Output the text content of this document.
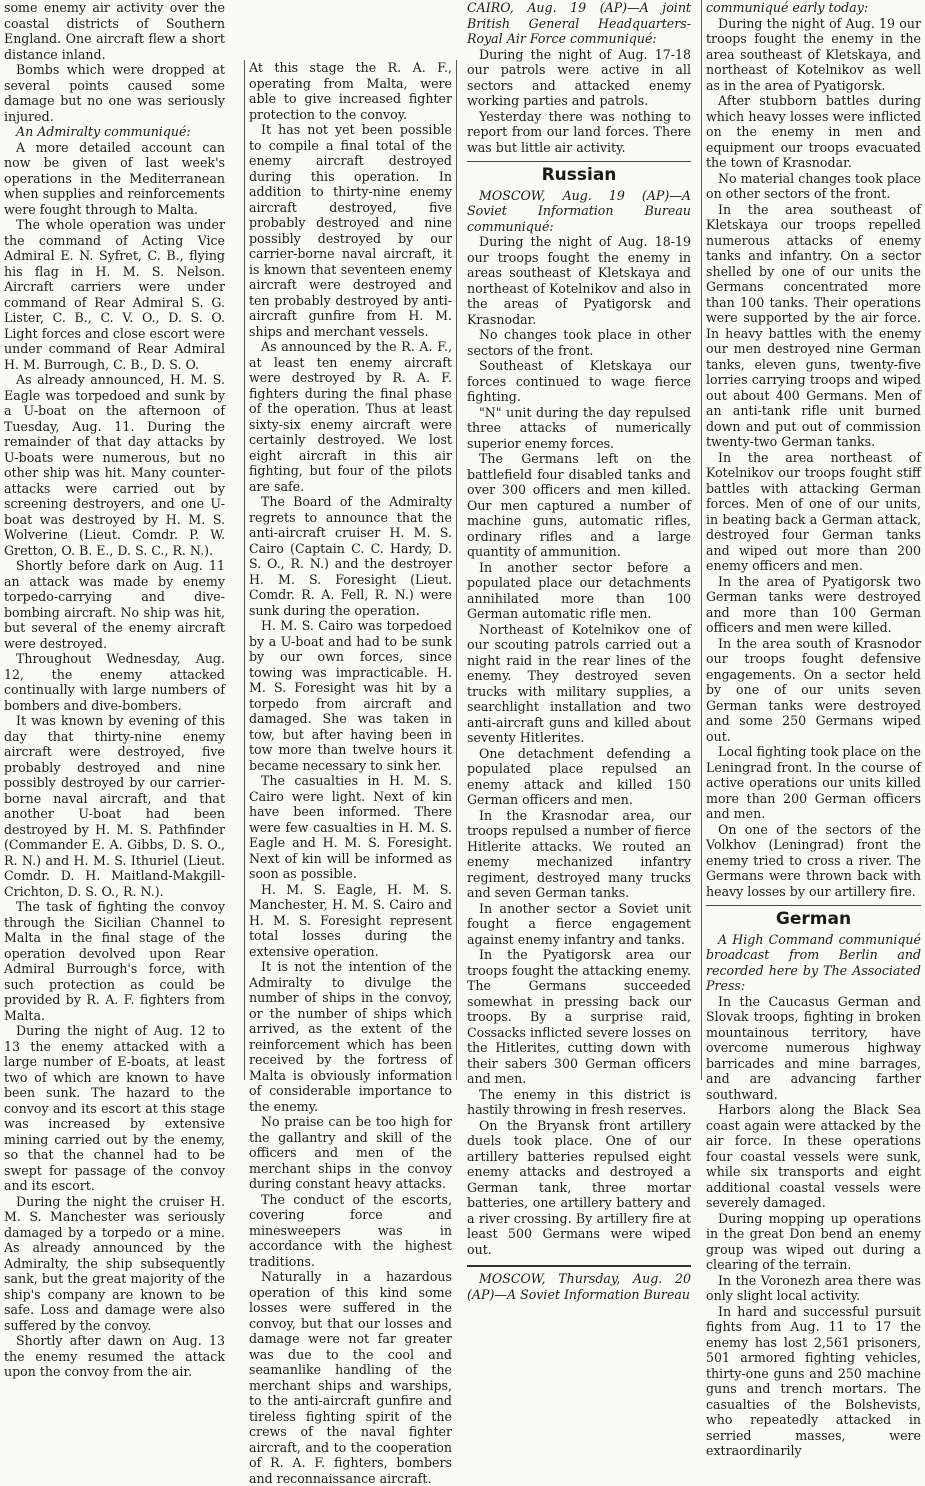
some enemy air activity over the coastal districts of Southern England. One aircraft flew a short distance inland.

Bombs which were dropped at several points caused some damage but no one was seriously injured.

An Admiralty communiqué:

A more detailed account can now be given of last week's operations in the Mediterranean when supplies and reinforcements were fought through to Malta.

The whole operation was under the command of Acting Vice Admiral E. N. Syfret, C. B., flying his flag in H. M. S. Nelson. Aircraft carriers were under command of Rear Admiral S. G. Lister, C. B., C. V. O., D. S. O. Light forces and close escort were under command of Rear Admiral H. M. Burrough, C. B., D. S. O.

As already announced, H. M. S. Eagle was torpedoed and sunk by a U-boat on the afternoon of Tuesday, Aug. 11. During the remainder of that day attacks by U-boats were numerous, but no other ship was hit. Many counter-attacks were carried out by screening destroyers, and one U-boat was destroyed by H. M. S. Wolverine (Lieut. Comdr. P. W. Gretton, O. B. E., D. S. C., R. N.).

Shortly before dark on Aug. 11 an attack was made by enemy torpedo-carrying and dive-bombing aircraft. No ship was hit, but several of the enemy aircraft were destroyed.

Throughout Wednesday, Aug. 12, the enemy attacked continually with large numbers of bombers and dive-bombers.

It was known by evening of this day that thirty-nine enemy aircraft were destroyed, five probably destroyed and nine possibly destroyed by our carrier-borne naval aircraft, and that another U-boat had been destroyed by H. M. S. Pathfinder (Commander E. A. Gibbs, D. S. O., R. N.) and H. M. S. Ithuriel (Lieut. Comdr. D. H. Maitland-Makgill-Crichton, D. S. O., R. N.).

The task of fighting the convoy through the Sicilian Channel to Malta in the final stage of the operation devolved upon Rear Admiral Burrough's force, with such protection as could be provided by R. A. F. fighters from Malta.

During the night of Aug. 12 to 13 the enemy attacked with a large number of E-boats, at least two of which are known to have been sunk. The hazard to the convoy and its escort at this stage was increased by extensive mining carried out by the enemy, so that the channel had to be swept for passage of the convoy and its escort.

During the night the cruiser H. M. S. Manchester was seriously damaged by a torpedo or a mine. As already announced by the Admiralty, the ship subsequently sank, but the great majority of the ship's company are known to be safe. Loss and damage were also suffered by the convoy.

Shortly after dawn on Aug. 13 the enemy resumed the attack upon the convoy from the air.

At this stage the R. A. F., operating from Malta, were able to give increased fighter protection to the convoy.

It has not yet been possible to compile a final total of the enemy aircraft destroyed during this operation. In addition to thirty-nine enemy aircraft destroyed, five probably destroyed and nine possibly destroyed by our carrier-borne naval aircraft, it is known that seventeen enemy aircraft were destroyed and ten probably destroyed by anti-aircraft gunfire from H. M. ships and merchant vessels.

As announced by the R. A. F., at least ten enemy aircraft were destroyed by R. A. F. fighters during the final phase of the operation. Thus at least sixty-six enemy aircraft were certainly destroyed. We lost eight aircraft in this air fighting, but four of the pilots are safe.

The Board of the Admiralty regrets to announce that the anti-aircraft cruiser H. M. S. Cairo (Captain C. C. Hardy, D. S. O., R. N.) and the destroyer H. M. S. Foresight (Lieut. Comdr. R. A. Fell, R. N.) were sunk during the operation.

H. M. S. Cairo was torpedoed by a U-boat and had to be sunk by our own forces, since towing was impracticable. H. M. S. Foresight was hit by a torpedo from aircraft and damaged. She was taken in tow, but after having been in tow more than twelve hours it became necessary to sink her.

The casualties in H. M. S. Cairo were light. Next of kin have been informed. There were few casualties in H. M. S. Eagle and H. M. S. Foresight. Next of kin will be informed as soon as possible.

H. M. S. Eagle, H. M. S. Manchester, H. M. S. Cairo and H. M. S. Foresight represent total losses during the extensive operation.

It is not the intention of the Admiralty to divulge the number of ships in the convoy, or the number of ships which arrived, as the extent of the reinforcement which has been received by the fortress of Malta is obviously information of considerable importance to the enemy.

No praise can be too high for the gallantry and skill of the officers and men of the merchant ships in the convoy during constant heavy attacks.

The conduct of the escorts, covering force and minesweepers was in accordance with the highest traditions.

Naturally in a hazardous operation of this kind some losses were suffered in the convoy, but that our losses and damage were not far greater was due to the cool and seamanlike handling of the merchant ships and warships, to the anti-aircraft gunfire and tireless fighting spirit of the crews of the naval fighter aircraft, and to the cooperation of R. A. F. fighters, bombers and reconnaissance aircraft.

CAIRO, Aug. 19 (AP)—A joint British General Headquarters-Royal Air Force communiqué:

During the night of Aug. 17-18 our patrols were active in all sectors and attacked enemy working parties and patrols.

Yesterday there was nothing to report from our land forces. There was but little air activity.

Russian

MOSCOW, Aug. 19 (AP)—A Soviet Information Bureau communiqué:

During the night of Aug. 18-19 our troops fought the enemy in areas southeast of Kletskaya and northeast of Kotelnikov and also in the areas of Pyatigorsk and Krasnodar.

No changes took place in other sectors of the front.

Southeast of Kletskaya our forces continued to wage fierce fighting.

"N" unit during the day repulsed three attacks of numerically superior enemy forces.

The Germans left on the battlefield four disabled tanks and over 300 officers and men killed. Our men captured a number of machine guns, automatic rifles, ordinary rifles and a large quantity of ammunition.

In another sector before a populated place our detachments annihilated more than 100 German automatic rifle men.

Northeast of Kotelnikov one of our scouting patrols carried out a night raid in the rear lines of the enemy. They destroyed seven trucks with military supplies, a searchlight installation and two anti-aircraft guns and killed about seventy Hitlerites.

One detachment defending a populated place repulsed an enemy attack and killed 150 German officers and men.

In the Krasnodar area, our troops repulsed a number of fierce Hitlerite attacks. We routed an enemy mechanized infantry regiment, destroyed many trucks and seven German tanks.

In another sector a Soviet unit fought a fierce engagement against enemy infantry and tanks.

In the Pyatigorsk area our troops fought the attacking enemy. The Germans succeeded somewhat in pressing back our troops. By a surprise raid, Cossacks inflicted severe losses on the Hitlerites, cutting down with their sabers 300 German officers and men.

The enemy in this district is hastily throwing in fresh reserves.

On the Bryansk front artillery duels took place. One of our artillery batteries repulsed eight enemy attacks and destroyed a German tank, three mortar batteries, one artillery battery and a river crossing. By artillery fire at least 500 Germans were wiped out.

MOSCOW, Thursday, Aug. 20 (AP)—A Soviet Information Bureau

communiqué early today:

During the night of Aug. 19 our troops fought the enemy in the area southeast of Kletskaya, and northeast of Kotelnikov as well as in the area of Pyatigorsk.

After stubborn battles during which heavy losses were inflicted on the enemy in men and equipment our troops evacuated the town of Krasnodar.

No material changes took place on other sectors of the front.

In the area southeast of Kletskaya our troops repelled numerous attacks of enemy tanks and infantry. On a sector shelled by one of our units the Germans concentrated more than 100 tanks. Their operations were supported by the air force. In heavy battles with the enemy our men destroyed nine German tanks, eleven guns, twenty-five lorries carrying troops and wiped out about 400 Germans. Men of an anti-tank rifle unit burned down and put out of commission twenty-two German tanks.

In the area northeast of Kotelnikov our troops fought stiff battles with attacking German forces. Men of one of our units, in beating back a German attack, destroyed four German tanks and wiped out more than 200 enemy officers and men.

In the area of Pyatigorsk two German tanks were destroyed and more than 100 German officers and men were killed.

In the area south of Krasnodor our troops fought defensive engagements. On a sector held by one of our units seven German tanks were destroyed and some 250 Germans wiped out.

Local fighting took place on the Leningrad front. In the course of active operations our units killed more than 200 German officers and men.

On one of the sectors of the Volkhov (Leningrad) front the enemy tried to cross a river. The Germans were thrown back with heavy losses by our artillery fire.

German

A High Command communiqué broadcast from Berlin and recorded here by The Associated Press:

In the Caucasus German and Slovak troops, fighting in broken mountainous territory, have overcome numerous highway barricades and mine barrages, and are advancing farther southward.

Harbors along the Black Sea coast again were attacked by the air force. In these operations four coastal vessels were sunk, while six transports and eight additional coastal vessels were severely damaged.

During mopping up operations in the great Don bend an enemy group was wiped out during a clearing of the terrain.

In the Voronezh area there was only slight local activity.

In hard and successful pursuit fights from Aug. 11 to 17 the enemy has lost 2,561 prisoners, 501 armored fighting vehicles, thirty-one guns and 250 machine guns and trench mortars. The casualties of the Bolshevists, who repeatedly attacked in serried masses, were extraordinarily
